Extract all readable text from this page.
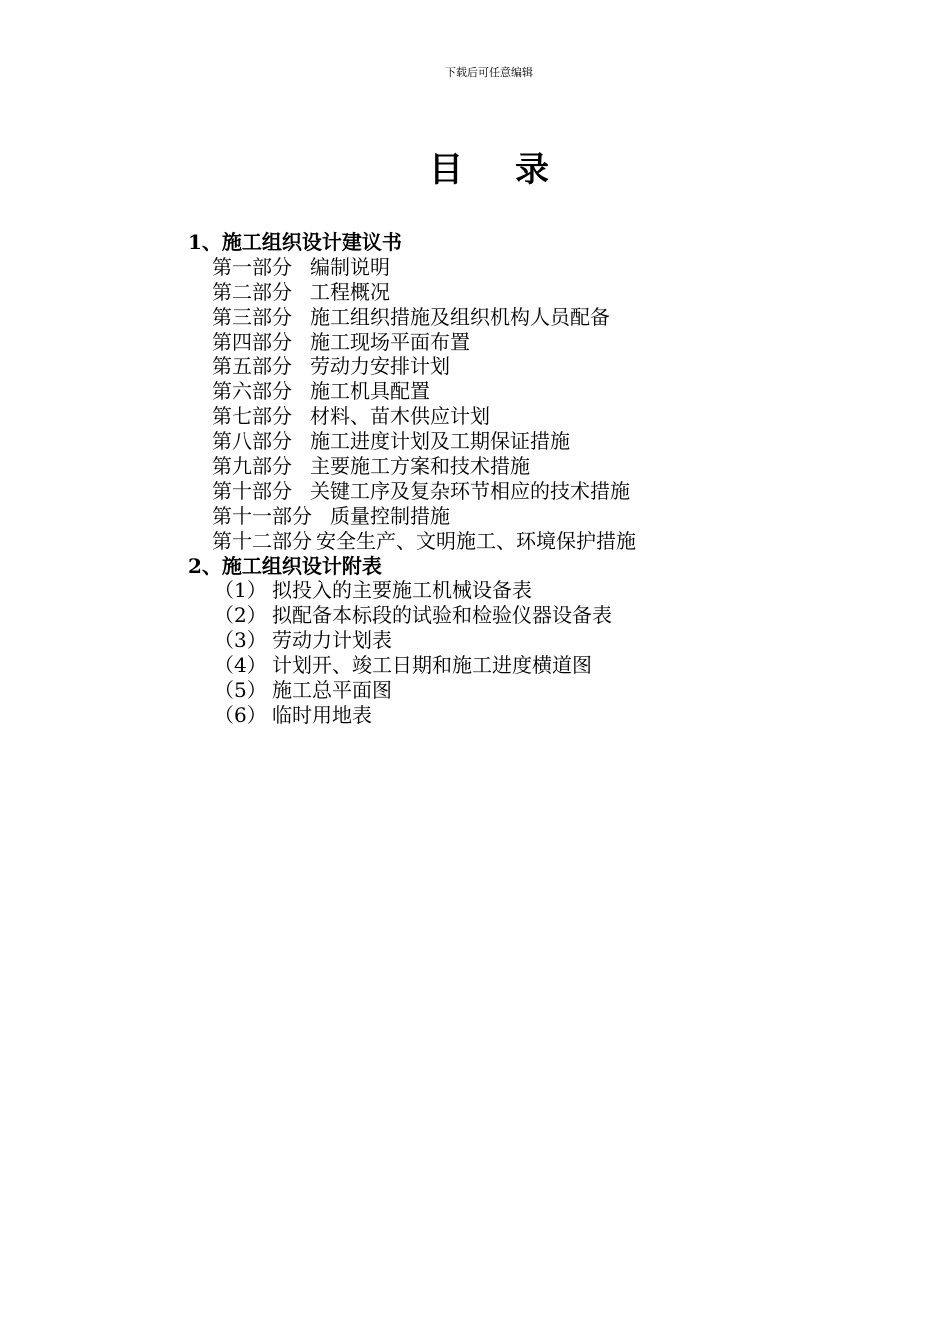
下载后可任意编辑
目录
1、施工组织设计建议书
第一部分 编制说明
第二部分 工程概况
第三部分 施工组织措施及组织机构人员配备
第四部分 施工现场平面布置
第五部分 劳动力安排计划
第六部分 施工机具配置
第七部分 材料、苗木供应计划
第八部分 施工进度计划及工期保证措施
第九部分 主要施工方案和技术措施
第十部分 关键工序及复杂环节相应的技术措施
第十一部分 质量控制措施
第十二部分 安全生产、文明施工、环境保护措施
2、施工组织设计附表
（1） 拟投入的主要施工机械设备表
（2） 拟配备本标段的试验和检验仪器设备表
（3） 劳动力计划表
（4） 计划开、竣工日期和施工进度横道图
（5） 施工总平面图
（6） 临时用地表
